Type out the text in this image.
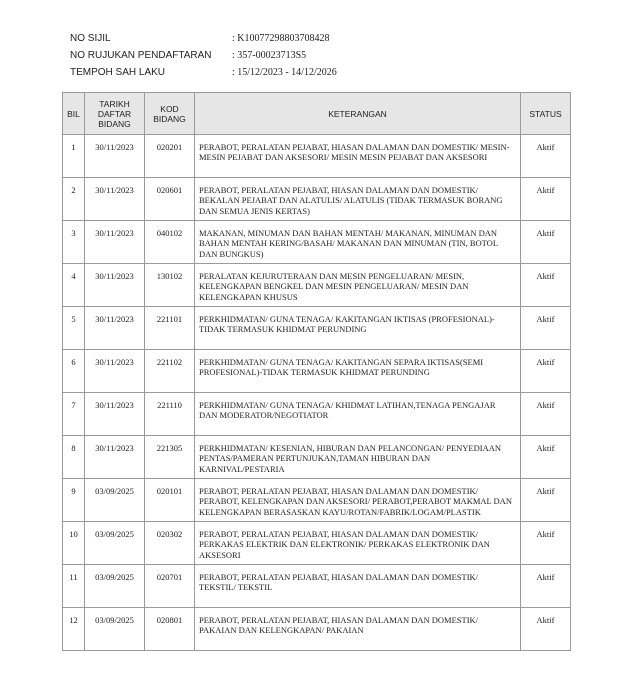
NO SIJIL	: K10077298803708428
NO RUJUKAN PENDAFTARAN	: 357-00023713S5
TEMPOH SAH LAKU	: 15/12/2023 - 14/12/2026
BIL	TARIKH DAFTAR BIDANG	KOD BIDANG	KETERANGAN	STATUS
1	30/11/2023	020201	PERABOT, PERALATAN PEJABAT, HIASAN DALAMAN DAN DOMESTIK/ MESIN-MESIN PEJABAT DAN AKSESORI/ MESIN MESIN PEJABAT DAN AKSESORI	Aktif
2	30/11/2023	020601	PERABOT, PERALATAN PEJABAT, HIASAN DALAMAN DAN DOMESTIK/ BEKALAN PEJABAT DAN ALATULIS/ ALATULIS (TIDAK TERMASUK BORANG DAN SEMUA JENIS KERTAS)	Aktif
3	30/11/2023	040102	MAKANAN, MINUMAN DAN BAHAN MENTAH/ MAKANAN, MINUMAN DAN BAHAN MENTAH KERING/BASAH/ MAKANAN DAN MINUMAN (TIN, BOTOL DAN BUNGKUS)	Aktif
4	30/11/2023	130102	PERALATAN KEJURUTERAAN DAN MESIN PENGELUARAN/ MESIN, KELENGKAPAN BENGKEL DAN MESIN PENGELUARAN/ MESIN DAN KELENGKAPAN KHUSUS	Aktif
5	30/11/2023	221101	PERKHIDMATAN/ GUNA TENAGA/ KAKITANGAN IKTISAS (PROFESIONAL)-TIDAK TERMASUK KHIDMAT PERUNDING	Aktif
6	30/11/2023	221102	PERKHIDMATAN/ GUNA TENAGA/ KAKITANGAN SEPARA IKTISAS(SEMI PROFESIONAL)-TIDAK TERMASUK KHIDMAT PERUNDING	Aktif
7	30/11/2023	221110	PERKHIDMATAN/ GUNA TENAGA/ KHIDMAT LATIHAN,TENAGA PENGAJAR DAN MODERATOR/NEGOTIATOR	Aktif
8	30/11/2023	221305	PERKHIDMATAN/ KESENIAN, HIBURAN DAN PELANCONGAN/ PENYEDIAAN PENTAS/PAMERAN PERTUNJUKAN,TAMAN HIBURAN DAN KARNIVAL/PESTARIA	Aktif
9	03/09/2025	020101	PERABOT, PERALATAN PEJABAT, HIASAN DALAMAN DAN DOMESTIK/ PERABOT, KELENGKAPAN DAN AKSESORI/ PERABOT,PERABOT MAKMAL DAN KELENGKAPAN BERASASKAN KAYU/ROTAN/FABRIK/LOGAM/PLASTIK	Aktif
10	03/09/2025	020302	PERABOT, PERALATAN PEJABAT, HIASAN DALAMAN DAN DOMESTIK/ PERKAKAS ELEKTRIK DAN ELEKTRONIK/ PERKAKAS ELEKTRONIK DAN AKSESORI	Aktif
11	03/09/2025	020701	PERABOT, PERALATAN PEJABAT, HIASAN DALAMAN DAN DOMESTIK/ TEKSTIL/ TEKSTIL	Aktif
12	03/09/2025	020801	PERABOT, PERALATAN PEJABAT, HIASAN DALAMAN DAN DOMESTIK/ PAKAIAN DAN KELENGKAPAN/ PAKAIAN	Aktif
